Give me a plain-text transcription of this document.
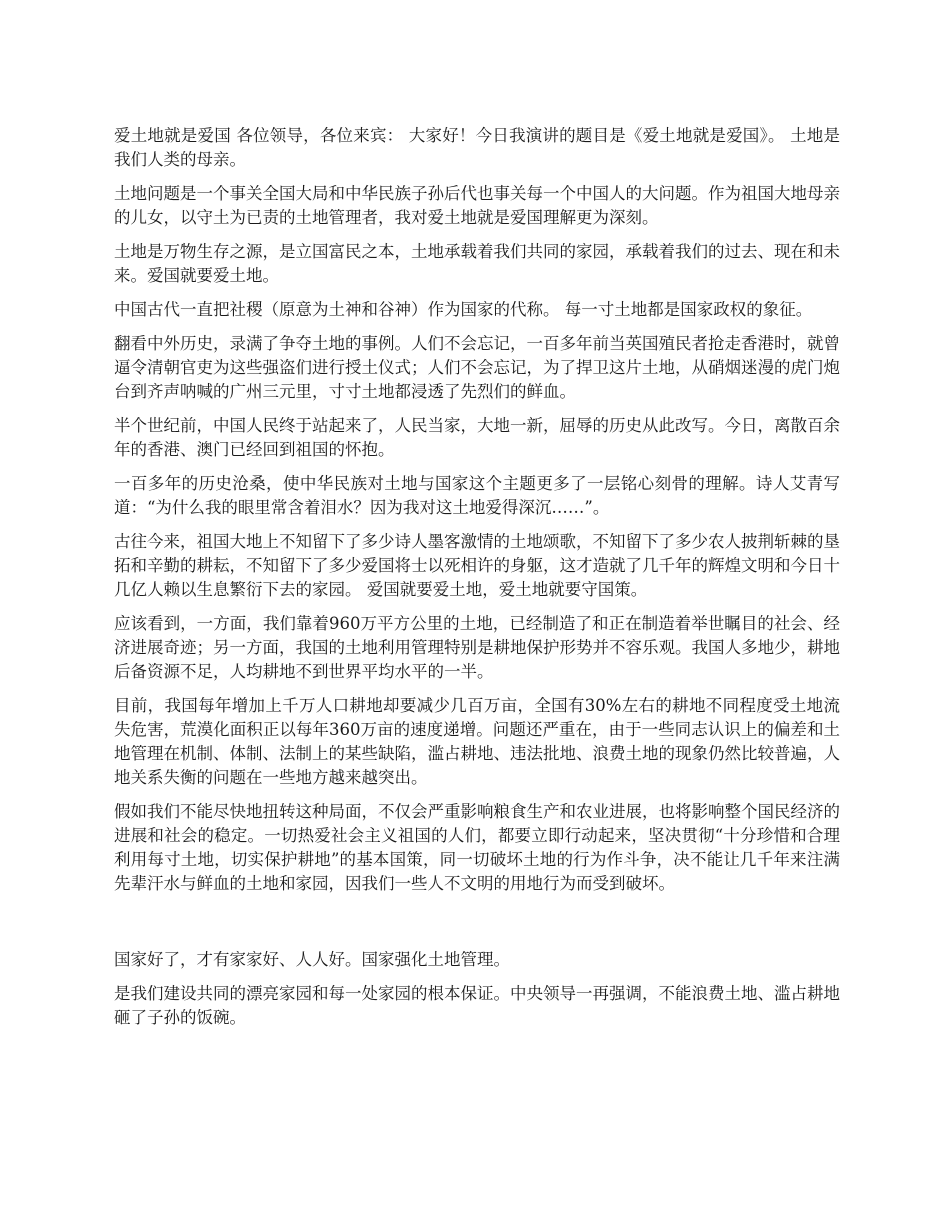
爱土地就是爱国 各位领导，各位来宾： 大家好！今日我演讲的题目是《爱土地就是爱国》。 土地是我们人类的母亲。

土地问题是一个事关全国大局和中华民族子孙后代也事关每一个中国人的大问题。作为祖国大地母亲的儿女，以守土为已责的土地管理者，我对爱土地就是爱国理解更为深刻。

土地是万物生存之源，是立国富民之本，土地承载着我们共同的家园，承载着我们的过去、现在和未来。爱国就要爱土地。

中国古代一直把社稷（原意为土神和谷神）作为国家的代称。 每一寸土地都是国家政权的象征。

翻看中外历史，录满了争夺土地的事例。人们不会忘记，一百多年前当英国殖民者抢走香港时，就曾逼令清朝官吏为这些强盗们进行授土仪式；人们不会忘记，为了捍卫这片土地，从硝烟迷漫的虎门炮台到齐声呐喊的广州三元里，寸寸土地都浸透了先烈们的鲜血。

半个世纪前，中国人民终于站起来了，人民当家，大地一新，屈辱的历史从此改写。今日，离散百余年的香港、澳门已经回到祖国的怀抱。

一百多年的历史沧桑，使中华民族对土地与国家这个主题更多了一层铭心刻骨的理解。诗人艾青写道：“为什么我的眼里常含着泪水？因为我对这土地爱得深沉……”。

古往今来，祖国大地上不知留下了多少诗人墨客激情的土地颂歌，不知留下了多少农人披荆斩棘的垦拓和辛勤的耕耘，不知留下了多少爱国将士以死相许的身躯，这才造就了几千年的辉煌文明和今日十几亿人赖以生息繁衍下去的家园。 爱国就要爱土地，爱土地就要守国策。

应该看到，一方面，我们靠着960万平方公里的土地，已经制造了和正在制造着举世瞩目的社会、经济进展奇迹；另一方面，我国的土地利用管理特别是耕地保护形势并不容乐观。我国人多地少，耕地后备资源不足，人均耕地不到世界平均水平的一半。

目前，我国每年增加上千万人口耕地却要减少几百万亩，全国有30%左右的耕地不同程度受土地流失危害，荒漠化面积正以每年360万亩的速度递增。问题还严重在，由于一些同志认识上的偏差和土地管理在机制、体制、法制上的某些缺陷，滥占耕地、违法批地、浪费土地的现象仍然比较普遍，人地关系失衡的问题在一些地方越来越突出。

假如我们不能尽快地扭转这种局面，不仅会严重影响粮食生产和农业进展，也将影响整个国民经济的进展和社会的稳定。一切热爱社会主义祖国的人们，都要立即行动起来，坚决贯彻“十分珍惜和合理利用每寸土地，切实保护耕地”的基本国策，同一切破坏土地的行为作斗争，决不能让几千年来注满先辈汗水与鲜血的土地和家园，因我们一些人不文明的用地行为而受到破坏。

国家好了，才有家家好、人人好。国家强化土地管理。

是我们建设共同的漂亮家园和每一处家园的根本保证。中央领导一再强调，不能浪费土地、滥占耕地砸了子孙的饭碗。
